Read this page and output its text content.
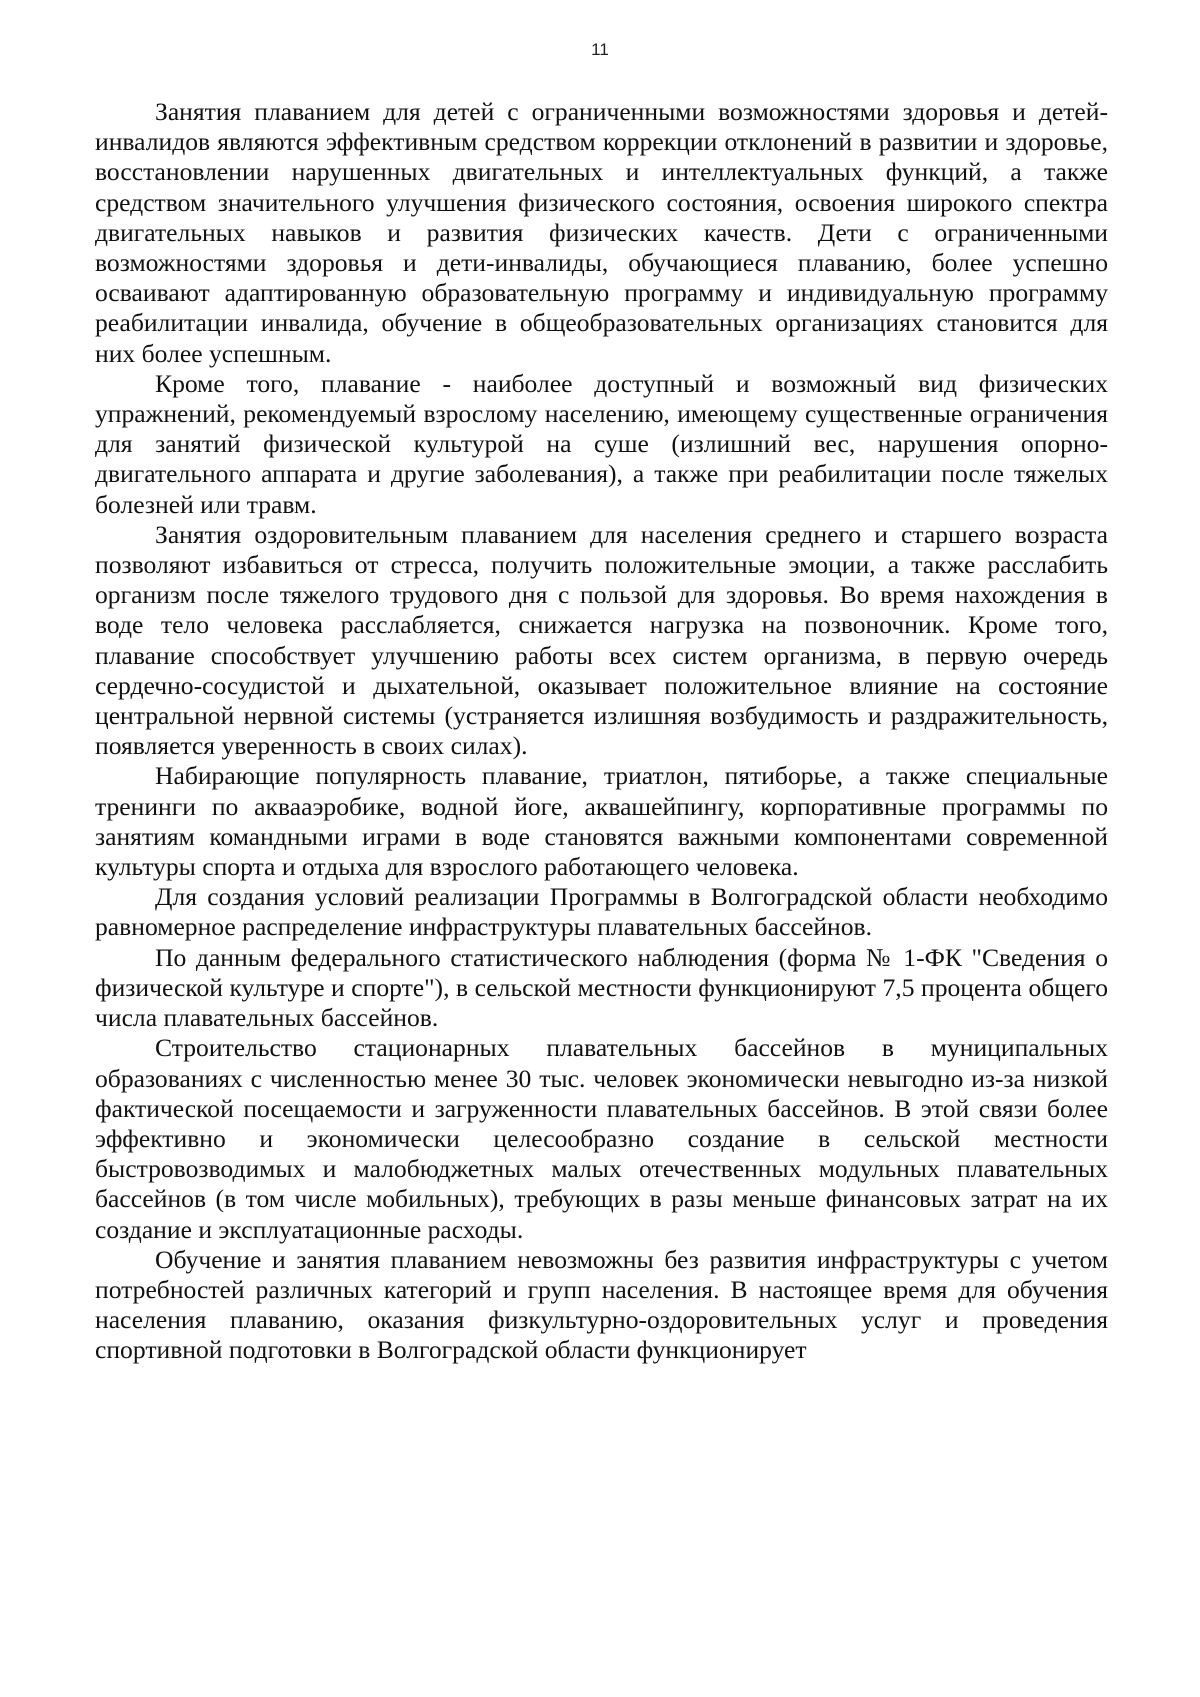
11

Занятия плаванием для детей с ограниченными возможностями здоровья и детей-инвалидов являются эффективным средством коррекции отклонений в развитии и здоровье, восстановлении нарушенных двигательных и интеллектуальных функций, а также средством значительного улучшения физического состояния, освоения широкого спектра двигательных навыков и развития физических качеств. Дети с ограниченными возможностями здоровья и дети-инвалиды, обучающиеся плаванию, более успешно осваивают адаптированную образовательную программу и индивидуальную программу реабилитации инвалида, обучение в общеобразовательных организациях становится для них более успешным.

Кроме того, плавание - наиболее доступный и возможный вид физических упражнений, рекомендуемый взрослому населению, имеющему существенные ограничения для занятий физической культурой на суше (излишний вес, нарушения опорно-двигательного аппарата и другие заболевания), а также при реабилитации после тяжелых болезней или травм.

Занятия оздоровительным плаванием для населения среднего и старшего возраста позволяют избавиться от стресса, получить положительные эмоции, а также расслабить организм после тяжелого трудового дня с пользой для здоровья. Во время нахождения в воде тело человека расслабляется, снижается нагрузка на позвоночник. Кроме того, плавание способствует улучшению работы всех систем организма, в первую очередь сердечно-сосудистой и дыхательной, оказывает положительное влияние на состояние центральной нервной системы (устраняется излишняя возбудимость и раздражительность, появляется уверенность в своих силах).

Набирающие популярность плавание, триатлон, пятиборье, а также специальные тренинги по аквааэробике, водной йоге, аквашейпингу, корпоративные программы по занятиям командными играми в воде становятся важными компонентами современной культуры спорта и отдыха для взрослого работающего человека.

Для создания условий реализации Программы в Волгоградской области необходимо равномерное распределение инфраструктуры плавательных бассейнов.

По данным федерального статистического наблюдения (форма № 1-ФК "Сведения о физической культуре и спорте"), в сельской местности функционируют 7,5 процента общего числа плавательных бассейнов.

Строительство стационарных плавательных бассейнов в муниципальных образованиях с численностью менее 30 тыс. человек экономически невыгодно из-за низкой фактической посещаемости и загруженности плавательных бассейнов. В этой связи более эффективно и экономически целесообразно создание в сельской местности быстровозводимых и малобюджетных малых отечественных модульных плавательных бассейнов (в том числе мобильных), требующих в разы меньше финансовых затрат на их создание и эксплуатационные расходы.

Обучение и занятия плаванием невозможны без развития инфраструктуры с учетом потребностей различных категорий и групп населения. В настоящее время для обучения населения плаванию, оказания физкультурно-оздоровительных услуг и проведения спортивной подготовки в Волгоградской области функционирует
